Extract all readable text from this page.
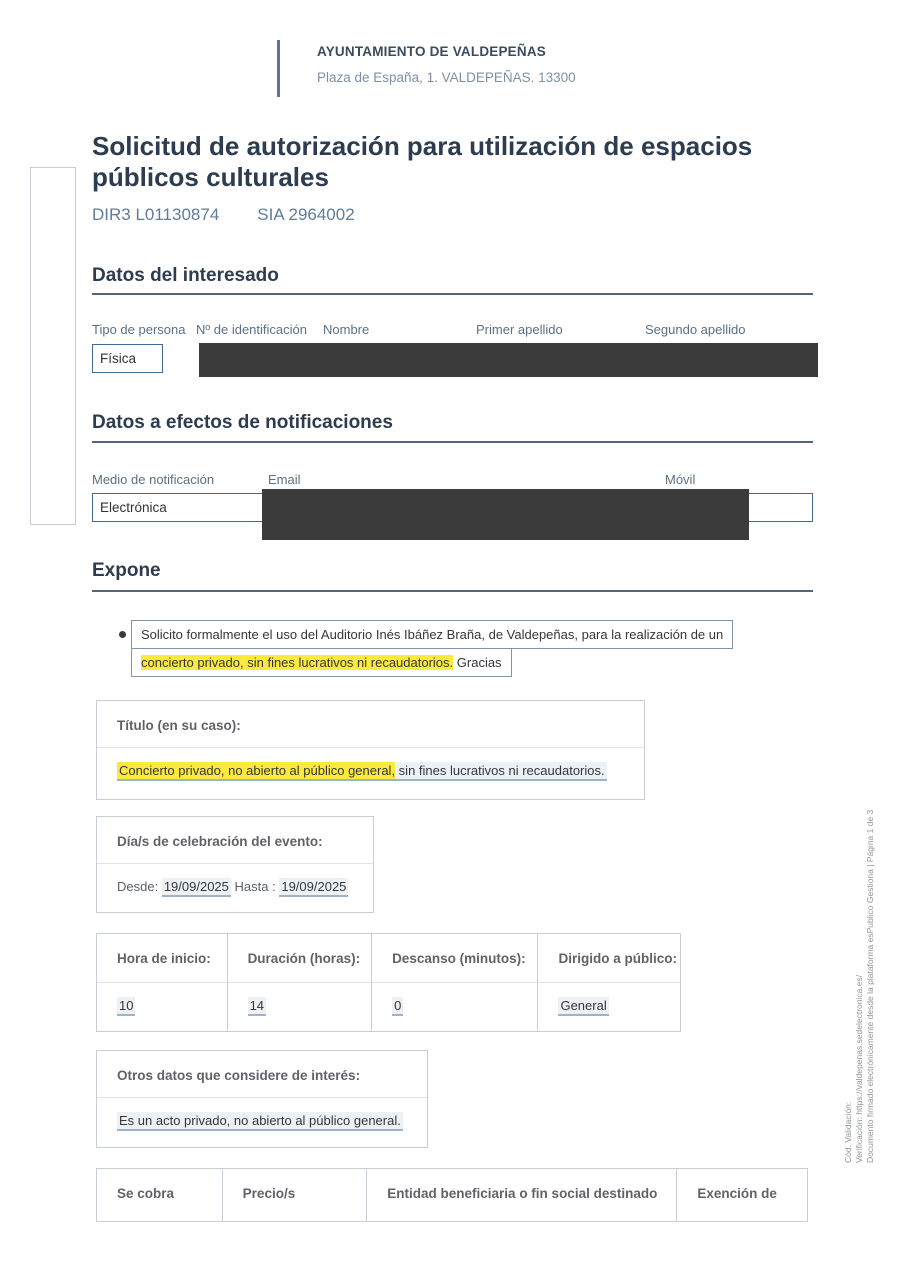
AYUNTAMIENTO DE VALDEPEÑAS
Plaza de España, 1. VALDEPEÑAS. 13300
Solicitud de autorización para utilización de espacios públicos culturales
DIR3 L01130874 SIA 2964002
Datos del interesado
Tipo de persona Nº de identificación Nombre	Primer apellido	Segundo apellido
Física
Datos a efectos de notificaciones
Medio de notificación	Email	Móvil
Electrónica
Expone
Solicito formalmente el uso del Auditorio Inés Ibáñez Braña, de Valdepeñas, para la realización de un
concierto privado, sin fines lucrativos ni recaudatorios. Gracias
Título (en su caso):
Concierto privado, no abierto al público general, sin fines lucrativos ni recaudatorios.
Día/s de celebración del evento:
Desde: 19/09/2025 Hasta : 19/09/2025
Hora de inicio:	Duración (horas):	Descanso (minutos):	Dirigido a público:
10	14	0	General
Otros datos que considere de interés:
Es un acto privado, no abierto al público general.
Se cobra	Precio/s	Entidad beneficiaria o fin social destinado	Exención de
Cód. Validación: Verificación: https://valdepenas.sedelectronica.es/ Documento firmado electrónicamente desde la plataforma esPublico Gestiona | Página 1 de 3
